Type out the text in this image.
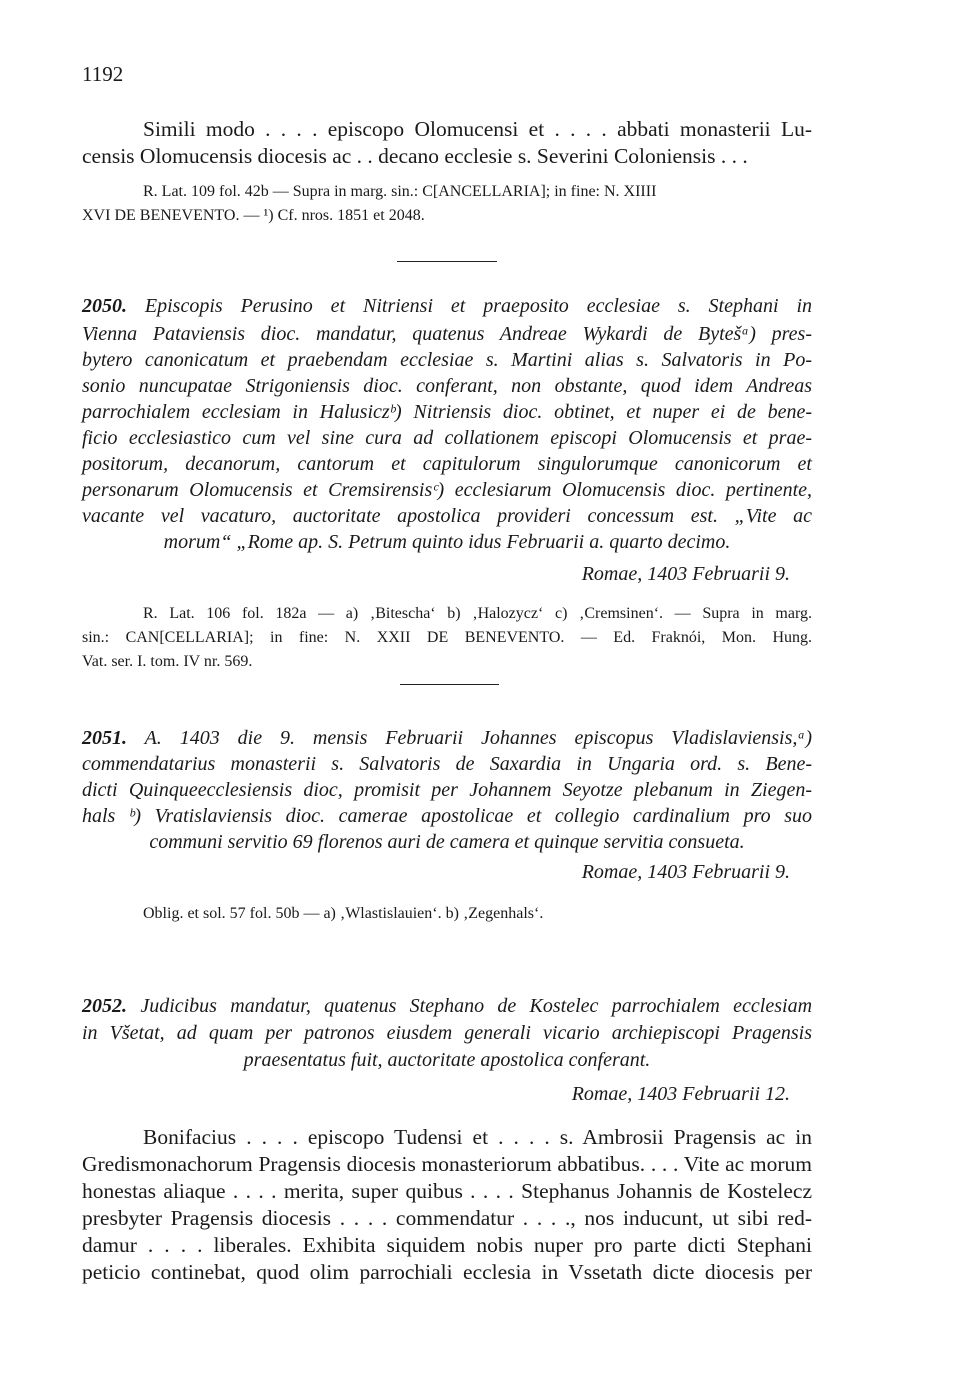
1192
Simili modo . . . . episcopo Olomucensi et . . . . abbati monasterii Lu-
censis Olomucensis diocesis ac . . decano ecclesie s. Severini Coloniensis . . .
R. Lat. 109 fol. 42b — Supra in marg. sin.: C[ANCELLARIA]; in fine: N. XIIII
XVI DE BENEVENTO. — ¹) Cf. nros. 1851 et 2048.
2050. Episcopis Perusino et Nitriensi et praeposito ecclesiae s. Stephani in
Vienna Pataviensis dioc. mandatur, quatenus Andreae Wykardi de Bytešᵃ) pres-
bytero canonicatum et praebendam ecclesiae s. Martini alias s. Salvatoris in Po-
sonio nuncupatae Strigoniensis dioc. conferant, non obstante, quod idem Andreas
parrochialem ecclesiam in Halusiczᵇ) Nitriensis dioc. obtinet, et nuper ei de bene-
ficio ecclesiastico cum vel sine cura ad collationem episcopi Olomucensis et prae-
positorum, decanorum, cantorum et capitulorum singulorumque canonicorum et
personarum Olomucensis et Cremsirensisᶜ) ecclesiarum Olomucensis dioc. pertinente,
vacante vel vacaturo, auctoritate apostolica provideri concessum est. „Vite ac
morum“ „Rome ap. S. Petrum quinto idus Februarii a. quarto decimo.
Romae, 1403 Februarii 9.
R. Lat. 106 fol. 182a — a) ‚Bitescha‘ b) ‚Halozycz‘ c) ‚Cremsinen‘. — Supra in marg.
sin.: CAN[CELLARIA]; in fine: N. XXII DE BENEVENTO. — Ed. Fraknói, Mon. Hung.
Vat. ser. I. tom. IV nr. 569.
2051. A. 1403 die 9. mensis Februarii Johannes episcopus Vladislaviensis,ᵃ)
commendatarius monasterii s. Salvatoris de Saxardia in Ungaria ord. s. Bene-
dicti Quinqueecclesiensis dioc, promisit per Johannem Seyotze plebanum in Ziegen-
hals ᵇ) Vratislaviensis dioc. camerae apostolicae et collegio cardinalium pro suo
communi servitio 69 florenos auri de camera et quinque servitia consueta.
Romae, 1403 Februarii 9.
Oblig. et sol. 57 fol. 50b — a) ‚Wlastislauien‘. b) ‚Zegenhals‘.
2052. Judicibus mandatur, quatenus Stephano de Kostelec parrochialem ecclesiam
in Všetat, ad quam per patronos eiusdem generali vicario archiepiscopi Pragensis
praesentatus fuit, auctoritate apostolica conferant.
Romae, 1403 Februarii 12.
Bonifacius . . . . episcopo Tudensi et . . . . s. Ambrosii Pragensis ac in
Gredismonachorum Pragensis diocesis monasteriorum abbatibus. . . . Vite ac morum
honestas aliaque . . . . merita, super quibus . . . . Stephanus Johannis de Kostelecz
presbyter Pragensis diocesis . . . . commendatur . . . ., nos inducunt, ut sibi red-
damur . . . . liberales. Exhibita siquidem nobis nuper pro parte dicti Stephani
peticio continebat, quod olim parrochiali ecclesia in Vssetath dicte diocesis per
